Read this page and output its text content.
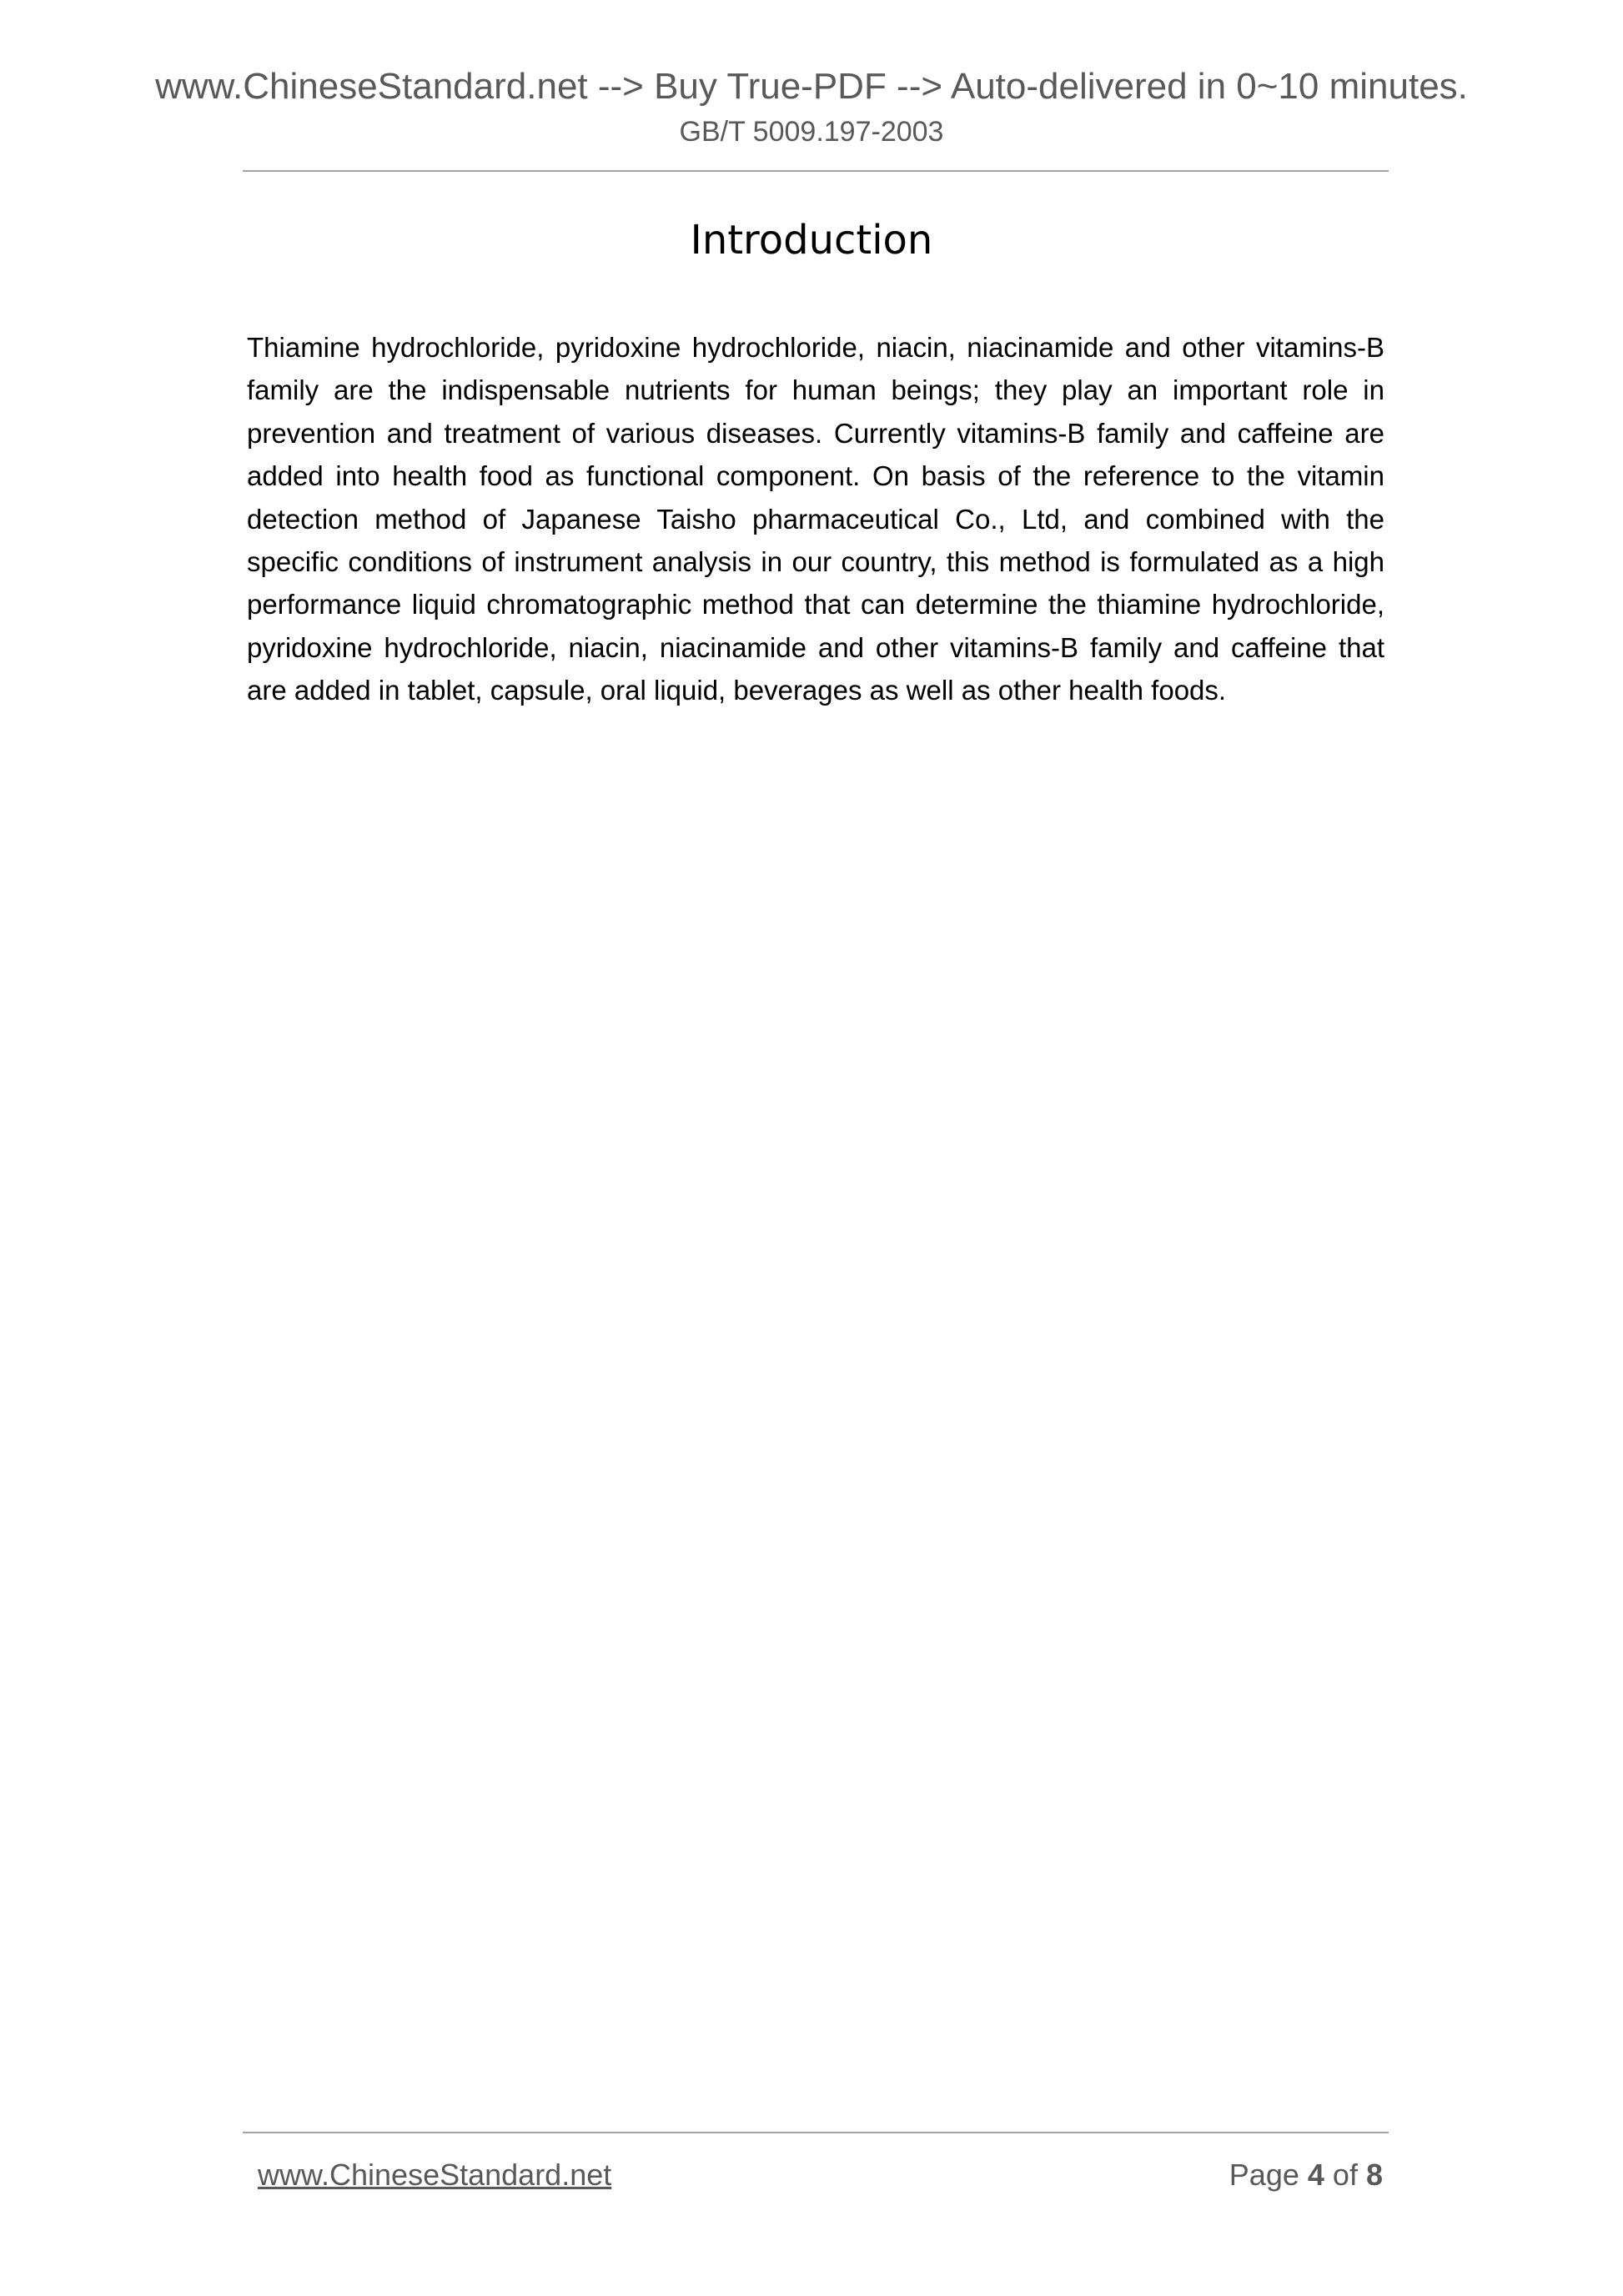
www.ChineseStandard.net --> Buy True-PDF --> Auto-delivered in 0~10 minutes.
GB/T 5009.197-2003
Introduction
Thiamine hydrochloride, pyridoxine hydrochloride, niacin, niacinamide and other vitamins-B family are the indispensable nutrients for human beings; they play an important role in prevention and treatment of various diseases. Currently vitamins-B family and caffeine are added into health food as functional component. On basis of the reference to the vitamin detection method of Japanese Taisho pharmaceutical Co., Ltd, and combined with the specific conditions of instrument analysis in our country, this method is formulated as a high performance liquid chromatographic method that can determine the thiamine hydrochloride, pyridoxine hydrochloride, niacin, niacinamide and other vitamins-B family and caffeine that are added in tablet, capsule, oral liquid, beverages as well as other health foods.
www.ChineseStandard.net	Page 4 of 8
